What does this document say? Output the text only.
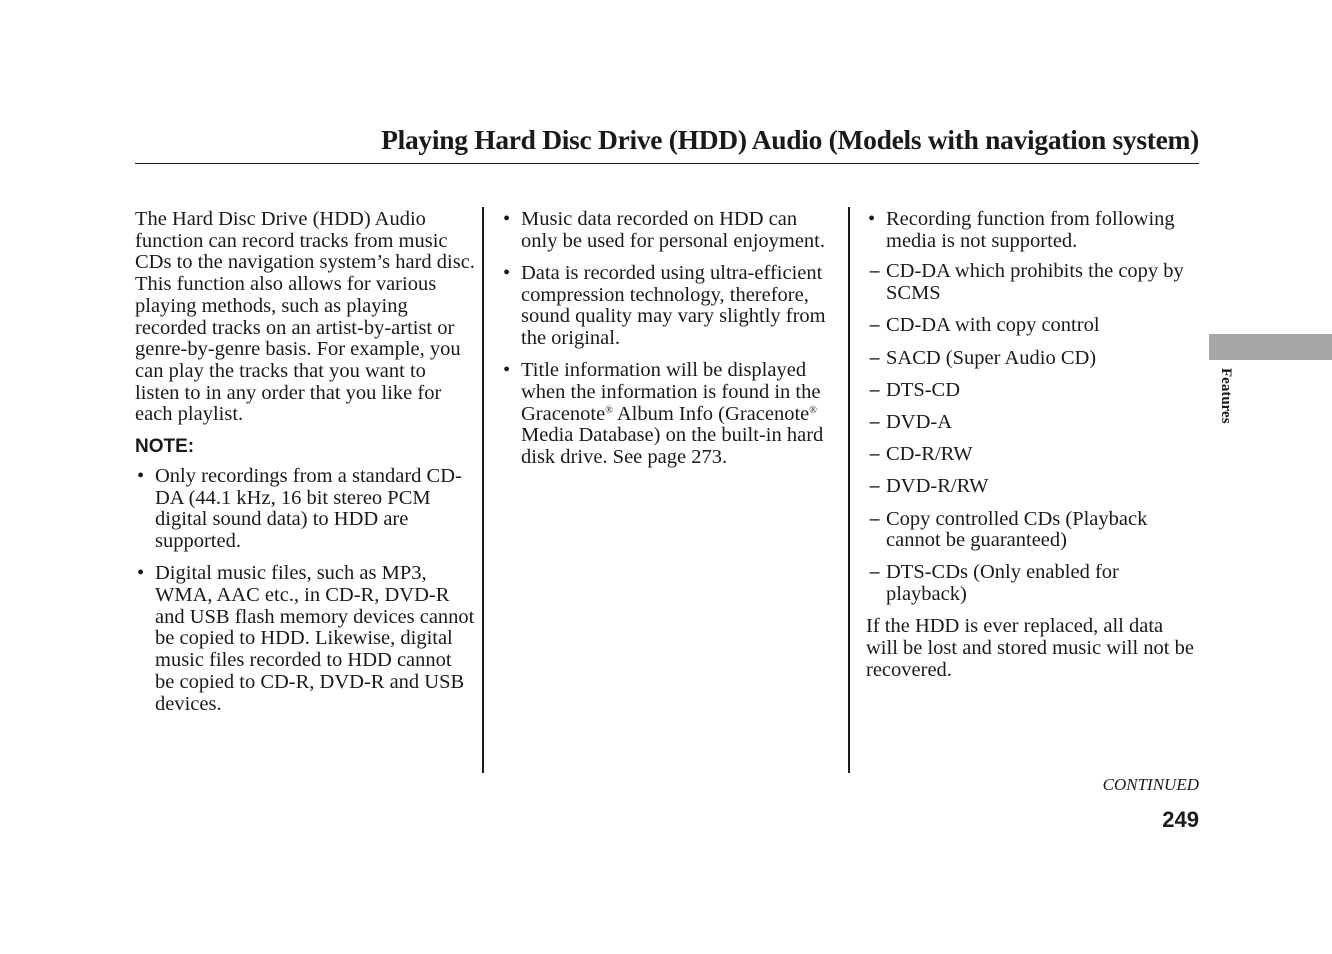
Playing Hard Disc Drive (HDD) Audio (Models with navigation system)

The Hard Disc Drive (HDD) Audio function can record tracks from music CDs to the navigation system’s hard disc. This function also allows for various playing methods, such as playing recorded tracks on an artist-by-artist or genre-by-genre basis. For example, you can play the tracks that you want to listen to in any order that you like for each playlist.

NOTE:

• Only recordings from a standard CD-DA (44.1 kHz, 16 bit stereo PCM digital sound data) to HDD are supported.
• Digital music files, such as MP3, WMA, AAC etc., in CD-R, DVD-R and USB flash memory devices cannot be copied to HDD. Likewise, digital music files recorded to HDD cannot be copied to CD-R, DVD-R and USB devices.
• Music data recorded on HDD can only be used for personal enjoyment.
• Data is recorded using ultra-efficient compression technology, therefore, sound quality may vary slightly from the original.
• Title information will be displayed when the information is found in the Gracenote® Album Info (Gracenote® Media Database) on the built-in hard disk drive. See page 273.
• Recording function from following media is not supported.
− CD-DA which prohibits the copy by SCMS
− CD-DA with copy control
− SACD (Super Audio CD)
− DTS-CD
− DVD-A
− CD-R/RW
− DVD-R/RW
− Copy controlled CDs (Playback cannot be guaranteed)
− DTS-CDs (Only enabled for playback)

If the HDD is ever replaced, all data will be lost and stored music will not be recovered.

Features
CONTINUED
249
